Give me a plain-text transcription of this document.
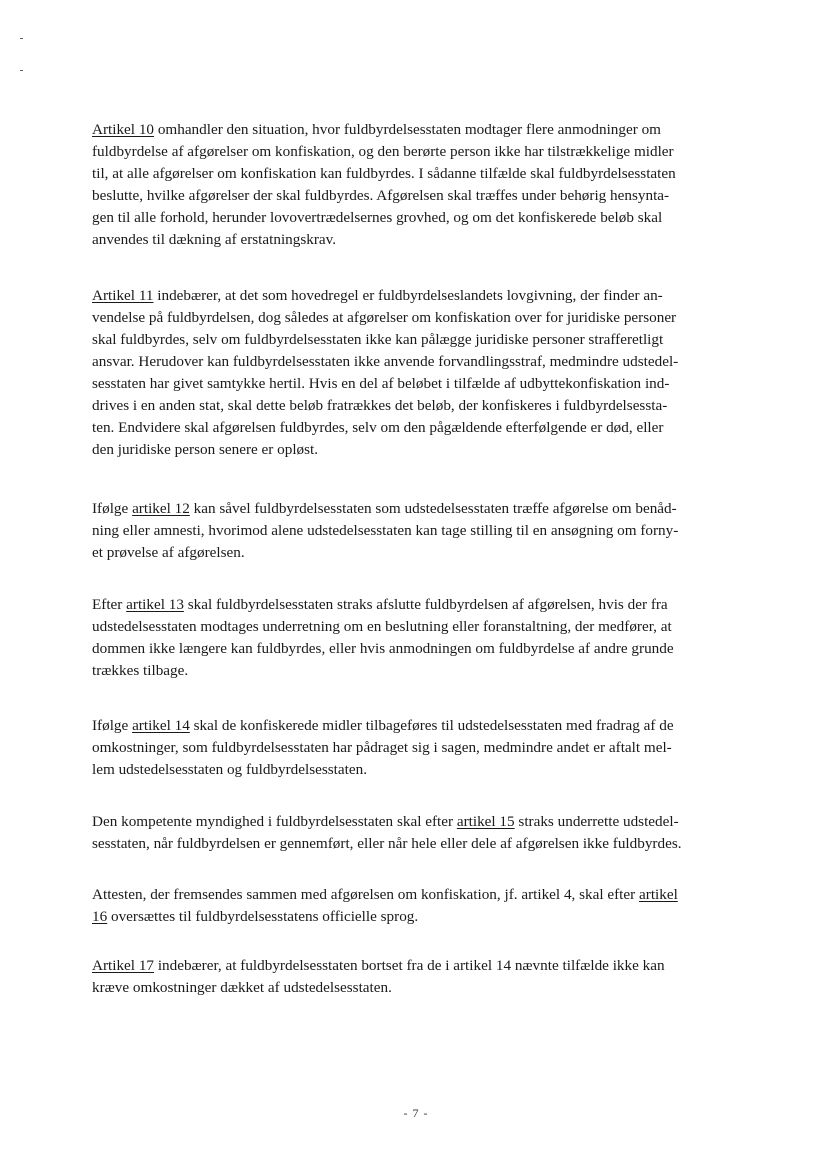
Artikel 10 omhandler den situation, hvor fuldbyrdelsesstaten modtager flere anmodninger om
fuldbyrdelse af afgørelser om konfiskation, og den berørte person ikke har tilstrækkelige midler
til, at alle afgørelser om konfiskation kan fuldbyrdes. I sådanne tilfælde skal fuldbyrdelsesstaten
beslutte, hvilke afgørelser der skal fuldbyrdes. Afgørelsen skal træffes under behørig hensynta-
gen til alle forhold, herunder lovovertrædelsernes grovhed, og om det konfiskerede beløb skal
anvendes til dækning af erstatningskrav.
Artikel 11 indebærer, at det som hovedregel er fuldbyrdelseslandets lovgivning, der finder an-
vendelse på fuldbyrdelsen, dog således at afgørelser om konfiskation over for juridiske personer
skal fuldbyrdes, selv om fuldbyrdelsesstaten ikke kan pålægge juridiske personer strafferetligt
ansvar. Herudover kan fuldbyrdelsesstaten ikke anvende forvandlingsstraf, medmindre udstedel-
sesstaten har givet samtykke hertil. Hvis en del af beløbet i tilfælde af udbyttekonfiskation ind-
drives i en anden stat, skal dette beløb fratrækkes det beløb, der konfiskeres i fuldbyrdelsessta-
ten. Endvidere skal afgørelsen fuldbyrdes, selv om den pågældende efterfølgende er død, eller
den juridiske person senere er opløst.
Ifølge artikel 12 kan såvel fuldbyrdelsesstaten som udstedelsesstaten træffe afgørelse om benåd-
ning eller amnesti, hvorimod alene udstedelsesstaten kan tage stilling til en ansøgning om forny-
et prøvelse af afgørelsen.
Efter artikel 13 skal fuldbyrdelsesstaten straks afslutte fuldbyrdelsen af afgørelsen, hvis der fra
udstedelsesstaten modtages underretning om en beslutning eller foranstaltning, der medfører, at
dommen ikke længere kan fuldbyrdes, eller hvis anmodningen om fuldbyrdelse af andre grunde
trækkes tilbage.
Ifølge artikel 14 skal de konfiskerede midler tilbageføres til udstedelsesstaten med fradrag af de
omkostninger, som fuldbyrdelsesstaten har pådraget sig i sagen, medmindre andet er aftalt mel-
lem udstedelsesstaten og fuldbyrdelsesstaten.
Den kompetente myndighed i fuldbyrdelsesstaten skal efter artikel 15 straks underrette udstedel-
sesstaten, når fuldbyrdelsen er gennemført, eller når hele eller dele af afgørelsen ikke fuldbyrdes.
Attesten, der fremsendes sammen med afgørelsen om konfiskation, jf. artikel 4, skal efter artikel
16 oversættes til fuldbyrdelsesstatens officielle sprog.
Artikel 17 indebærer, at fuldbyrdelsesstaten bortset fra de i artikel 14 nævnte tilfælde ikke kan
kræve omkostninger dækket af udstedelsesstaten.
- 7 -
